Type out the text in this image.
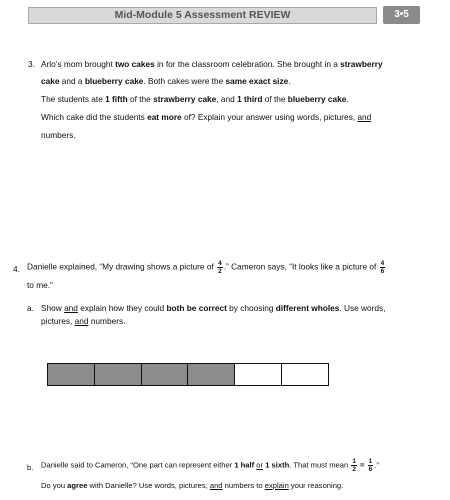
Mid-Module 5 Assessment REVIEW	3•5
3. Arlo’s mom brought two cakes in for the classroom celebration. She brought in a strawberry
cake and a blueberry cake. Both cakes were the same exact size.
The students ate 1 fifth of the strawberry cake, and 1 third of the blueberry cake.
Which cake did the students eat more of? Explain your answer using words, pictures, and
numbers.
4. Danielle explained, “My drawing shows a picture of $\frac{4}{2}$ .” Cameron says, “It looks like a picture of $\frac{4}{6}$
to me.”
a. Show and explain how they could both be correct by choosing different wholes. Use words,
pictures, and numbers.
b. Danielle said to Cameron, “One part can represent either 1 half or 1 sixth. That must mean $\frac{1}{2} = \frac{1}{6}$ .”
Do you agree with Danielle? Use words, pictures, and numbers to explain your reasoning.
